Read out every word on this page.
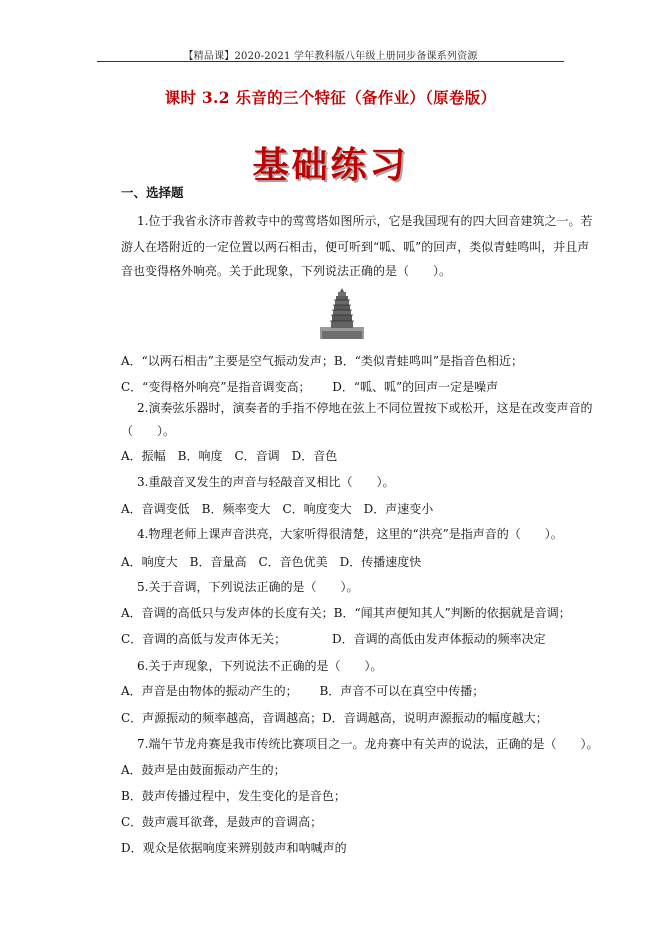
【精品课】2020-2021 学年教科版八年级上册同步备课系列资源
课时 3.2 乐音的三个特征（备作业）（原卷版）
基础练习
一、选择题
1.位于我省永济市普救寺中的莺莺塔如图所示，它是我国现有的四大回音建筑之一。若
游人在塔附近的一定位置以两石相击，便可听到“呱、呱”的回声，类似青蛙鸣叫，并且声
音也变得格外响亮。关于此现象，下列说法正确的是（　　）。
A．“以两石相击”主要是空气振动发声；B．“类似青蛙鸣叫”是指音色相近；
C．“变得格外响亮”是指音调变高；　　 D．“呱、呱”的回声一定是噪声
2.演奏弦乐器时，演奏者的手指不停地在弦上不同位置按下或松开，这是在改变声音的
（　　）。
A．振幅　B．响度　C．音调　D．音色
3.重敲音叉发生的声音与轻敲音叉相比（　　）。
A．音调变低　B．频率变大　C．响度变大　D．声速变小
4.物理老师上课声音洪亮，大家听得很清楚，这里的“洪亮”是指声音的（　　）。
A．响度大　B．音量高　C．音色优美　D．传播速度快
5.关于音调，下列说法正确的是（　　）。
A．音调的高低只与发声体的长度有关；B．“闻其声便知其人”判断的依据就是音调；
C．音调的高低与发声体无关；　　　　 D．音调的高低由发声体振动的频率决定
6.关于声现象，下列说法不正确的是（　　）。
A．声音是由物体的振动产生的；　　 B．声音不可以在真空中传播；
C．声源振动的频率越高，音调越高；D．音调越高，说明声源振动的幅度越大；
7.端午节龙舟赛是我市传统比赛项目之一。龙舟赛中有关声的说法，正确的是（　　）。
A．鼓声是由鼓面振动产生的；
B．鼓声传播过程中，发生变化的是音色；
C．鼓声震耳欲聋，是鼓声的音调高；
D．观众是依据响度来辨别鼓声和呐喊声的
